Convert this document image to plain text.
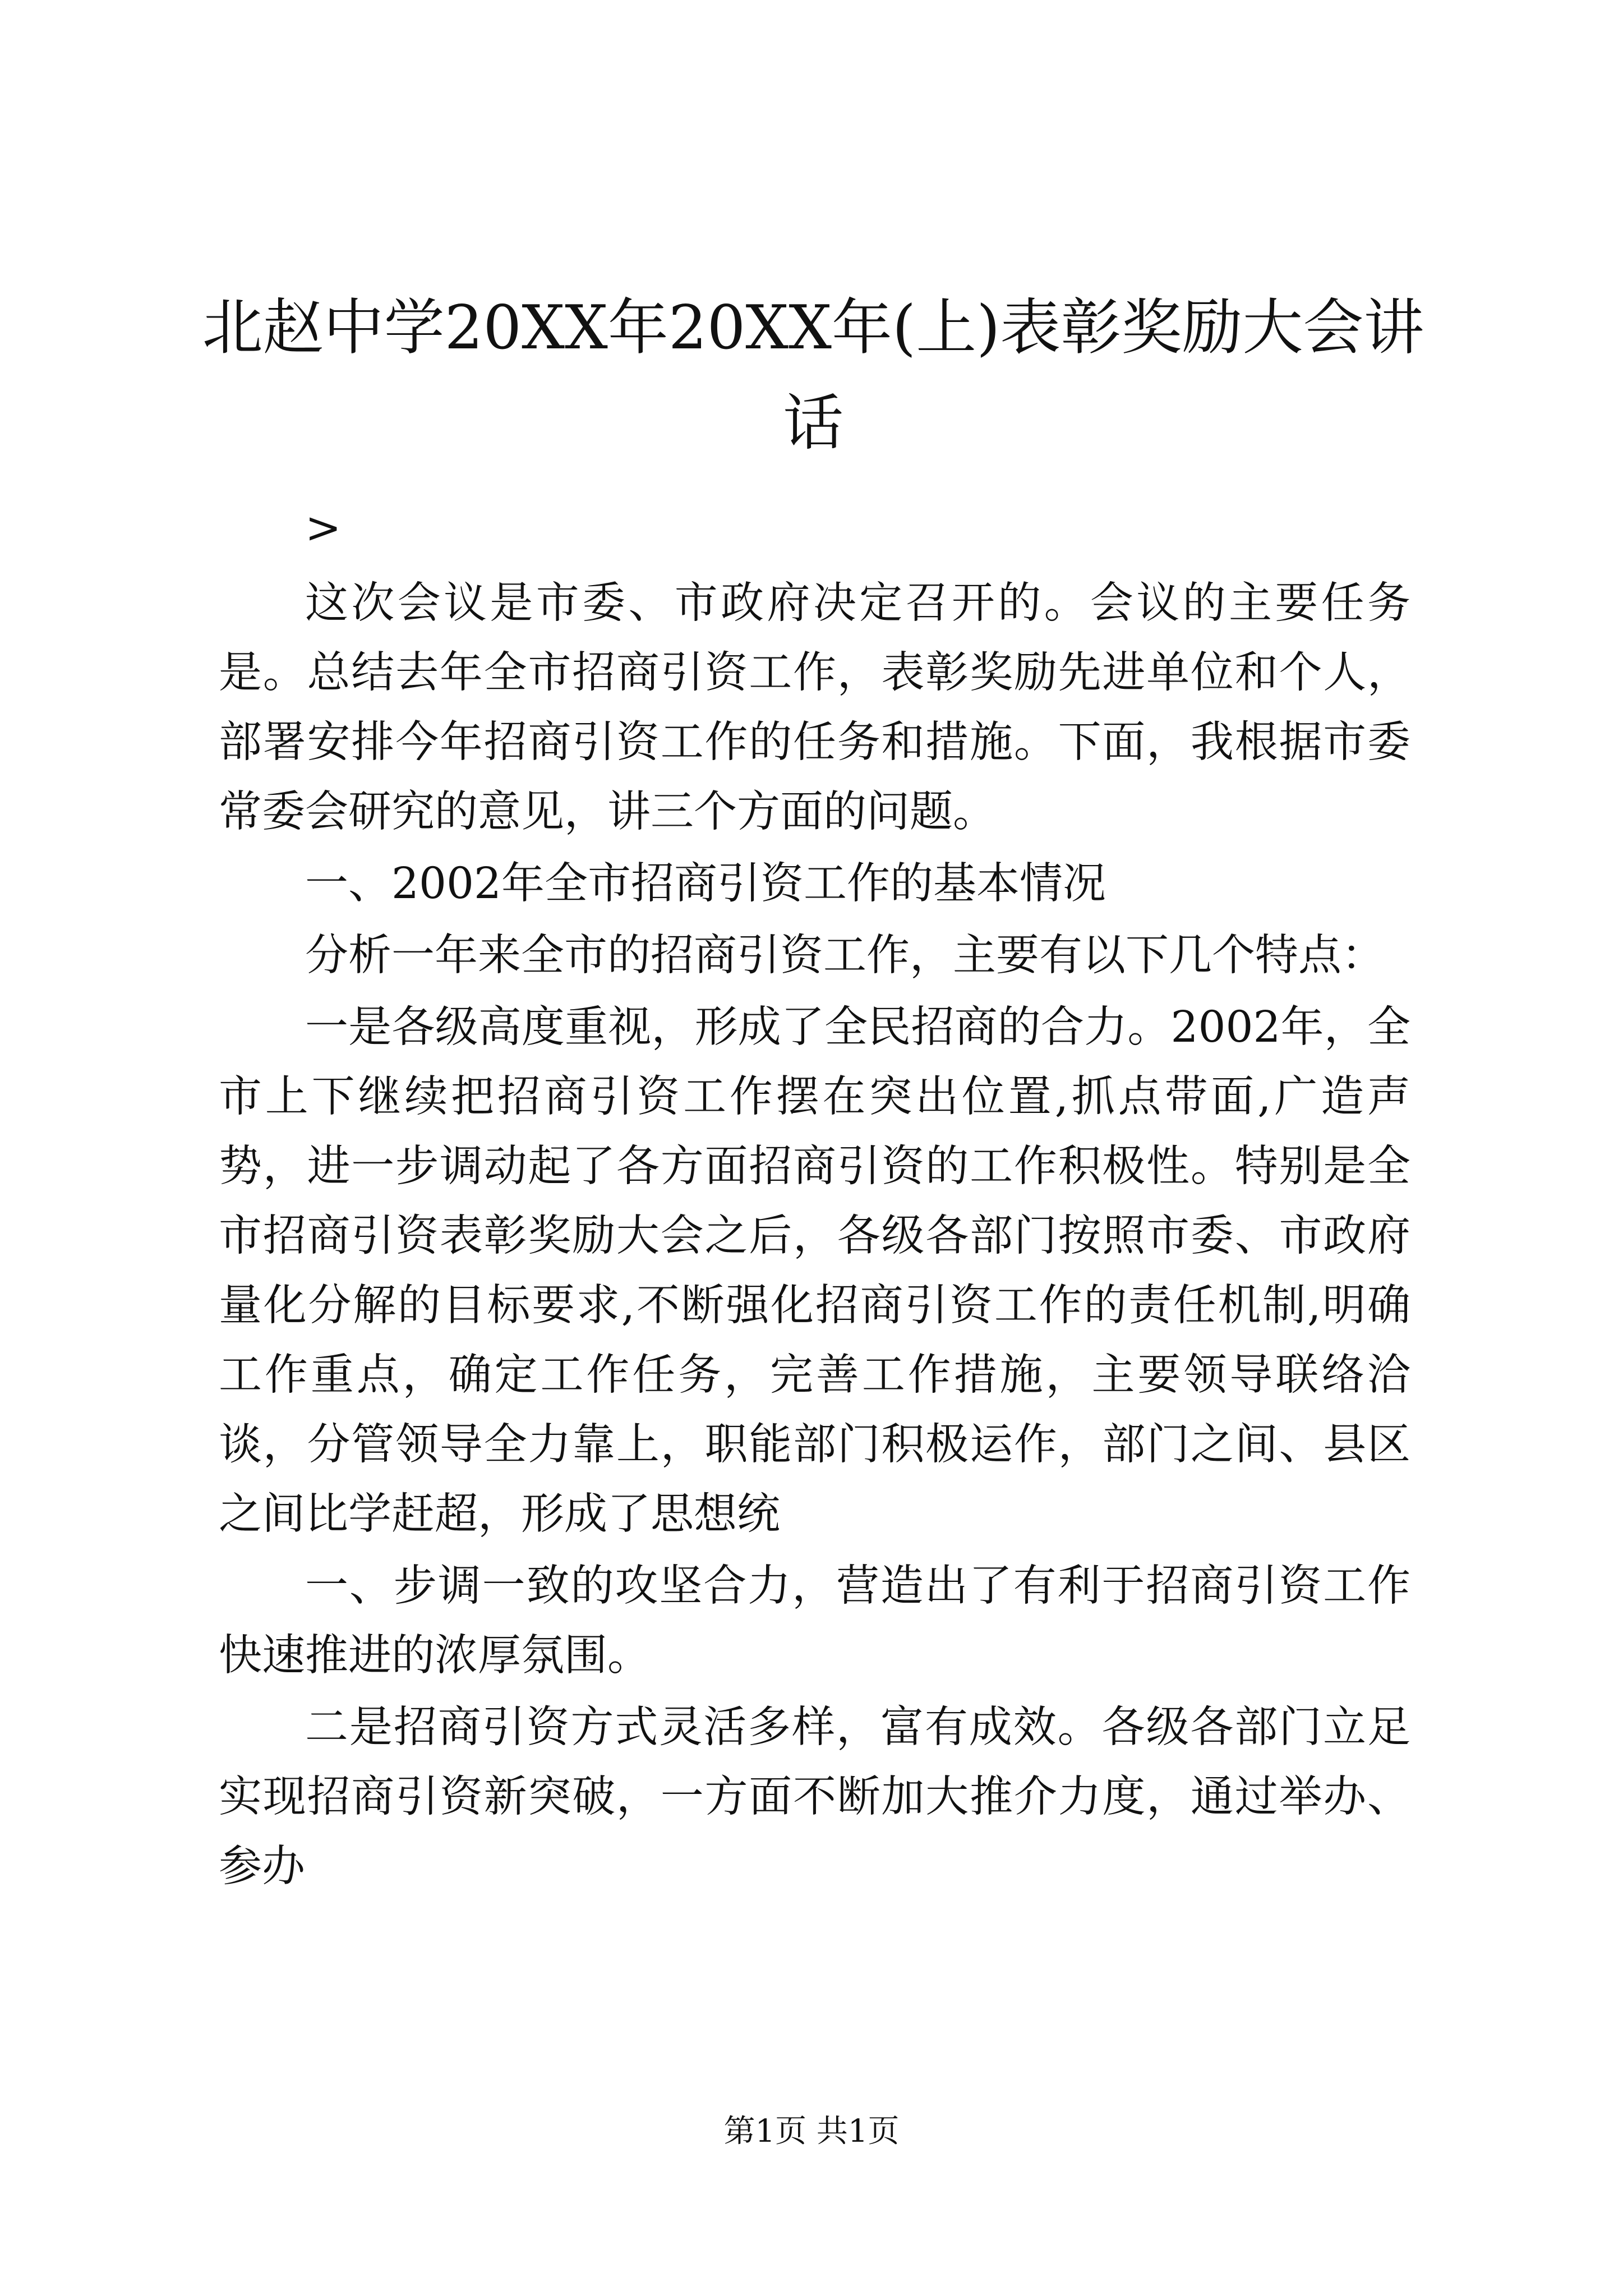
北赵中学20XX年20XX年(上)表彰奖励大会讲话
>

这次会议是市委、市政府决定召开的。会议的主要任务是。总结去年全市招商引资工作，表彰奖励先进单位和个人，部署安排今年招商引资工作的任务和措施。下面，我根据市委常委会研究的意见，讲三个方面的问题。

一、2002年全市招商引资工作的基本情况

分析一年来全市的招商引资工作，主要有以下几个特点：

一是各级高度重视，形成了全民招商的合力。2002年，全市上下继续把招商引资工作摆在突出位置,抓点带面,广造声势，进一步调动起了各方面招商引资的工作积极性。特别是全市招商引资表彰奖励大会之后，各级各部门按照市委、市政府量化分解的目标要求,不断强化招商引资工作的责任机制,明确工作重点，确定工作任务，完善工作措施，主要领导联络洽谈，分管领导全力靠上，职能部门积极运作，部门之间、县区之间比学赶超，形成了思想统

一、步调一致的攻坚合力，营造出了有利于招商引资工作快速推进的浓厚氛围。

二是招商引资方式灵活多样，富有成效。各级各部门立足实现招商引资新突破，一方面不断加大推介力度，通过举办、参办

第1页 共1页
